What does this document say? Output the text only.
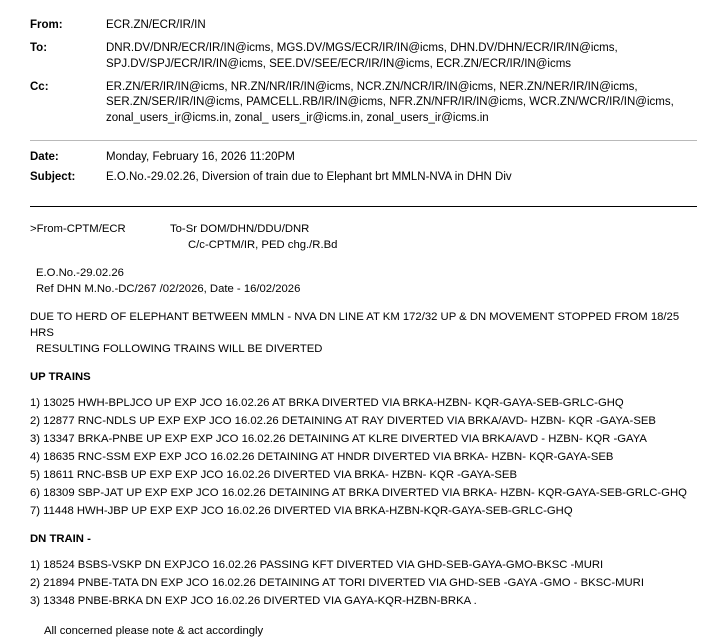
From:	ECR.ZN/ECR/IR/IN
To:	DNR.DV/DNR/ECR/IR/IN@icms, MGS.DV/MGS/ECR/IR/IN@icms, DHN.DV/DHN/ECR/IR/IN@icms,
SPJ.DV/SPJ/ECR/IR/IN@icms, SEE.DV/SEE/ECR/IR/IN@icms, ECR.ZN/ECR/IR/IN@icms

Cc:	ER.ZN/ER/IR/IN@icms, NR.ZN/NR/IR/IN@icms, NCR.ZN/NCR/IR/IN@icms, NER.ZN/NER/IR/IN@icms,
SER.ZN/SER/IR/IN@icms, PAMCELL.RB/IR/IN@icms, NFR.ZN/NFR/IR/IN@icms, WCR.ZN/WCR/IR/IN@icms,
zonal_users_ir@icms.in, zonal_ users_ir@icms.in, zonal_users_ir@icms.in
Date:	Monday, February 16, 2026 11:20PM
Subject:	E.O.No.-29.02.26, Diversion of train due to Elephant brt MMLN-NVA in DHN Div
>From-CPTM/ECR	To-Sr DOM/DHN/DDU/DNR
C/c-CPTM/IR, PED chg./R.Bd
E.O.No.-29.02.26
Ref DHN M.No.-DC/267 /02/2026, Date - 16/02/2026
DUE TO HERD OF ELEPHANT BETWEEN MMLN - NVA DN LINE AT KM 172/32 UP & DN MOVEMENT STOPPED FROM 18/25 HRS
RESULTING FOLLOWING TRAINS WILL BE DIVERTED
UP TRAINS
1) 13025 HWH-BPLJCO UP EXP JCO 16.02.26 AT BRKA DIVERTED VIA BRKA-HZBN- KQR-GAYA-SEB-GRLC-GHQ
2) 12877 RNC-NDLS UP EXP EXP JCO 16.02.26 DETAINING AT RAY DIVERTED VIA BRKA/AVD- HZBN- KQR -GAYA-SEB
3) 13347 BRKA-PNBE UP EXP EXP JCO 16.02.26 DETAINING AT KLRE DIVERTED VIA BRKA/AVD - HZBN- KQR -GAYA
4) 18635 RNC-SSM EXP EXP JCO 16.02.26 DETAINING AT HNDR DIVERTED VIA BRKA- HZBN- KQR-GAYA-SEB
5) 18611 RNC-BSB UP EXP EXP JCO 16.02.26 DIVERTED VIA BRKA- HZBN- KQR -GAYA-SEB
6) 18309 SBP-JAT UP EXP EXP JCO 16.02.26 DETAINING AT BRKA DIVERTED VIA BRKA- HZBN- KQR-GAYA-SEB-GRLC-GHQ
7) 11448 HWH-JBP UP EXP EXP JCO 16.02.26 DIVERTED VIA BRKA-HZBN-KQR-GAYA-SEB-GRLC-GHQ
DN TRAIN -
1) 18524 BSBS-VSKP DN EXPJCO 16.02.26 PASSING KFT DIVERTED VIA GHD-SEB-GAYA-GMO-BKSC -MURI
2) 21894 PNBE-TATA DN EXP JCO 16.02.26 DETAINING AT TORI DIVERTED VIA GHD-SEB -GAYA -GMO - BKSC-MURI
3) 13348 PNBE-BRKA DN EXP JCO 16.02.26 DIVERTED VIA GAYA-KQR-HZBN-BRKA .
All concerned please note & act accordingly
